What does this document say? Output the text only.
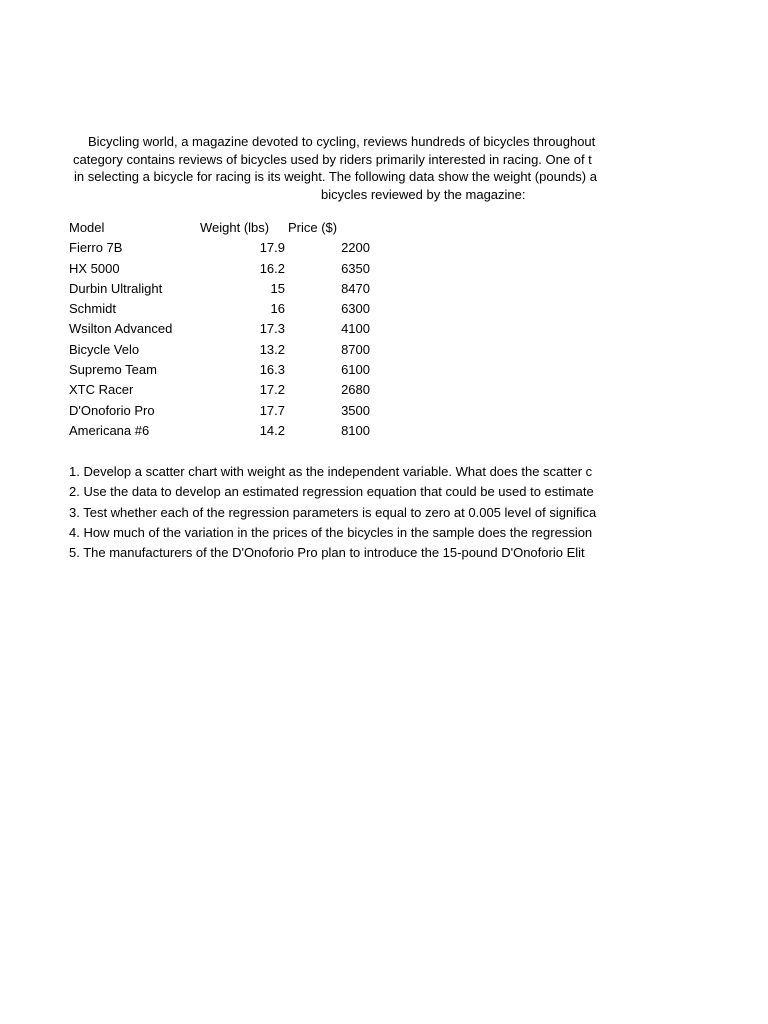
Bicycling world, a magazine devoted to cycling, reviews hundreds of bicycles throughout
category contains reviews of bicycles used by riders primarily interested in racing. One of t
in selecting a bicycle for racing is its weight. The following data show the weight (pounds) a
bicycles reviewed by the magazine:
Model	Weight (lbs)	Price ($)
Fierro 7B	17.9	2200
HX 5000	16.2	6350
Durbin Ultralight	15	8470
Schmidt	16	6300
Wsilton Advanced	17.3	4100
Bicycle Velo	13.2	8700
Supremo Team	16.3	6100
XTC Racer	17.2	2680
D'Onoforio Pro	17.7	3500
Americana #6	14.2	8100
1. Develop a scatter chart with weight as the independent variable. What does the scatter c
2. Use the data to develop an estimated regression equation that could be used to estimate
3. Test whether each of the regression parameters is equal to zero at 0.005 level of significa
4. How much of the variation in the prices of the bicycles in the sample does the regression
5. The manufacturers of the D'Onoforio Pro plan to introduce the 15-pound D'Onoforio Elit
